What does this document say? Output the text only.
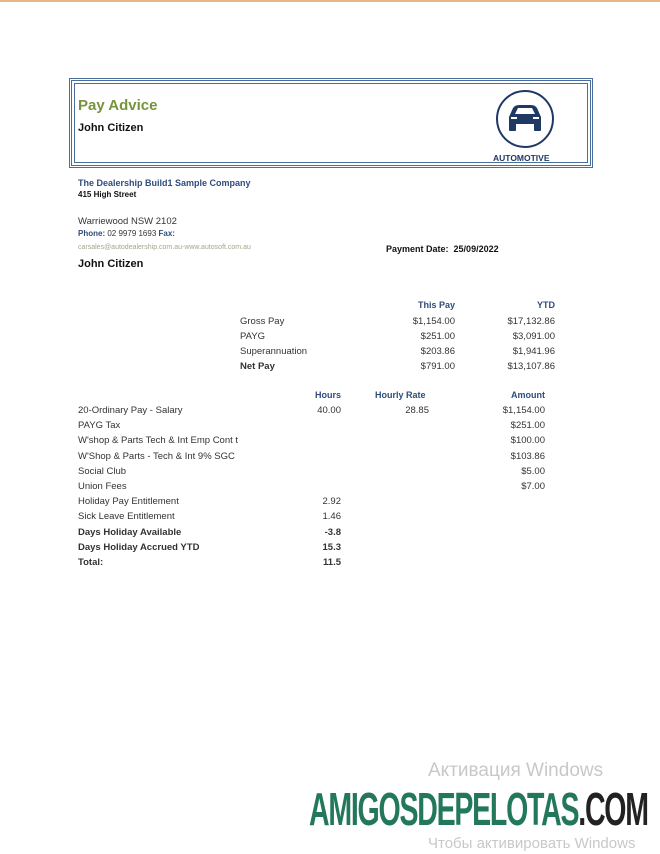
Pay Advice
John Citizen
AUTOMOTIVE
The Dealership Build1 Sample Company
415 High Street
Warriewood NSW 2102
Phone: 02 9979 1693 Fax:
carsales@autodealership.com.au-www.autosoft.com.au
John Citizen
Payment Date: 25/09/2022
This Pay	YTD
Gross Pay	$1,154.00	$17,132.86
PAYG	$251.00	$3,091.00
Superannuation	$203.86	$1,941.96
Net Pay	$791.00	$13,107.86
Hours	Hourly Rate	Amount
20-Ordinary Pay - Salary	40.00	28.85	$1,154.00
PAYG Tax	$251.00
W'shop & Parts Tech & Int Emp Cont t	$100.00
W'Shop & Parts - Tech & Int 9% SGC	$103.86
Social Club	$5.00
Union Fees	$7.00
Holiday Pay Entitlement	2.92
Sick Leave Entitlement	1.46
Days Holiday Available	-3.8
Days Holiday Accrued YTD	15.3
Total:	11.5
Активация Windows
AMIGOSDEPELOTAS.COM
Чтобы активировать Windows
